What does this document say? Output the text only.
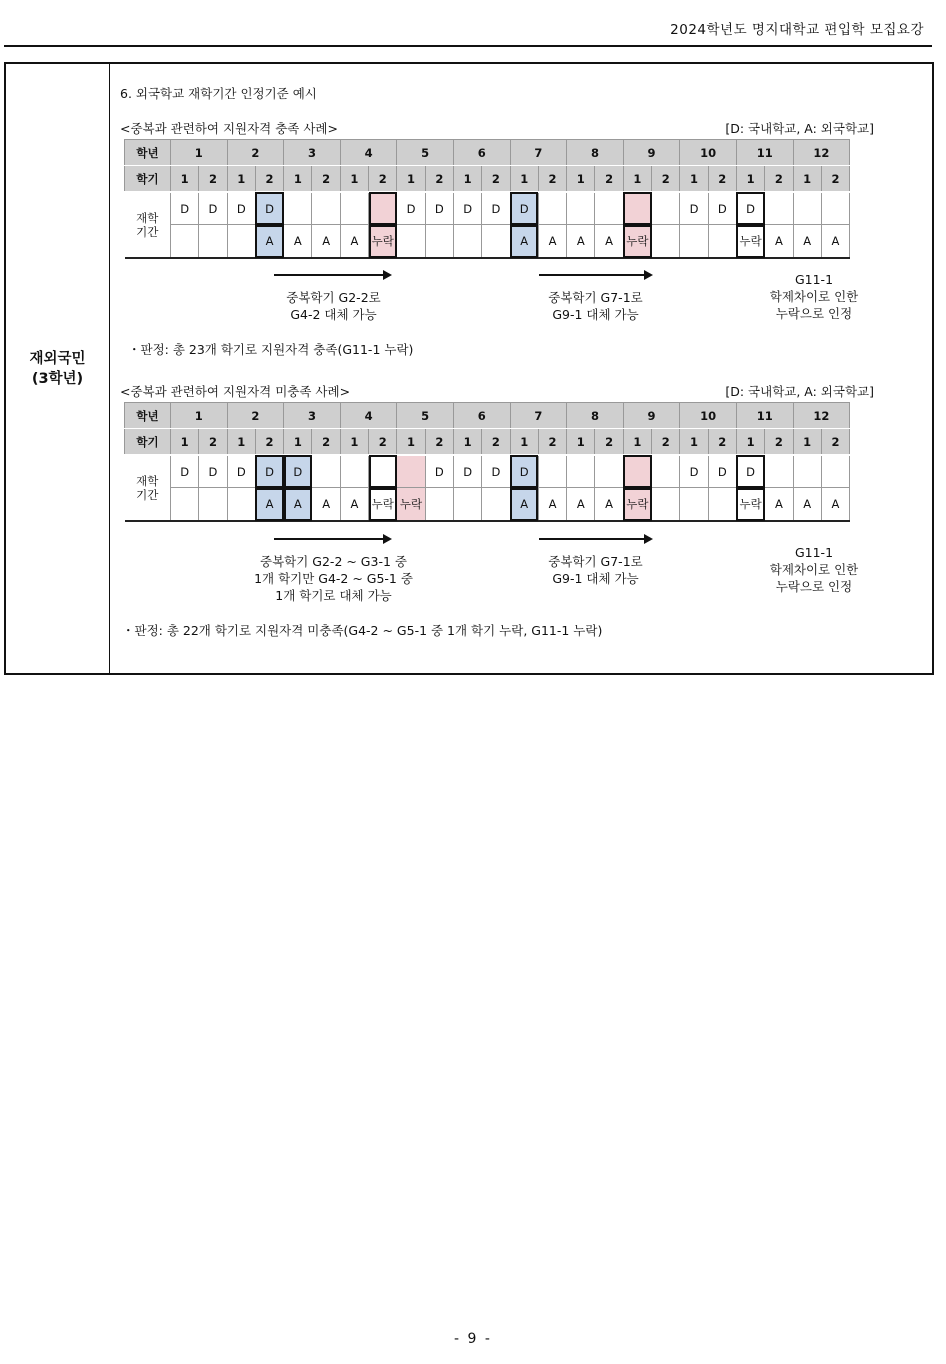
2024학년도 명지대학교 편입학 모집요강
재외국민
(3학년)
6. 외국학교 재학기간 인정기준 예시
<중복과 관련하여 지원자격 충족 사례>	[D: 국내학교, A: 외국학교]
학년	1		2		3		4		5		6		7		8		9		10		11		12	
학기	1	2	1	2	1	2	1	2	1	2	1	2	1	2	1	2	1	2	1	2	1	2	1	2
재학
기간	D	D	D	D					D	D	D	D	D						D	D	D			
				A	A	A	A	누락					A	A	A	A	누락				누락	A	A	A
중복학기 G2-2로
G4-2 대체 가능
중복학기 G7-1로
G9-1 대체 가능
G11-1
학제차이로 인한
누락으로 인정
・판정: 총 23개 학기로 지원자격 충족(G11-1 누락)
<중복과 관련하여 지원자격 미충족 사례>	[D: 국내학교, A: 외국학교]
학년	1		2		3		4		5		6		7		8		9		10		11		12	
학기	1	2	1	2	1	2	1	2	1	2	1	2	1	2	1	2	1	2	1	2	1	2	1	2
재학
기간	D	D	D	D	D					D	D	D	D						D	D	D			
				A	A	A	A	누락	누락				A	A	A	A	누락				누락	A	A	A
중복학기 G2-2 ~ G3-1 중
1개 학기만 G4-2 ~ G5-1 중
1개 학기로 대체 가능
중복학기 G7-1로
G9-1 대체 가능
G11-1
학제차이로 인한
누락으로 인정
・판정: 총 22개 학기로 지원자격 미충족(G4-2 ~ G5-1 중 1개 학기 누락, G11-1 누락)
- 9 -
